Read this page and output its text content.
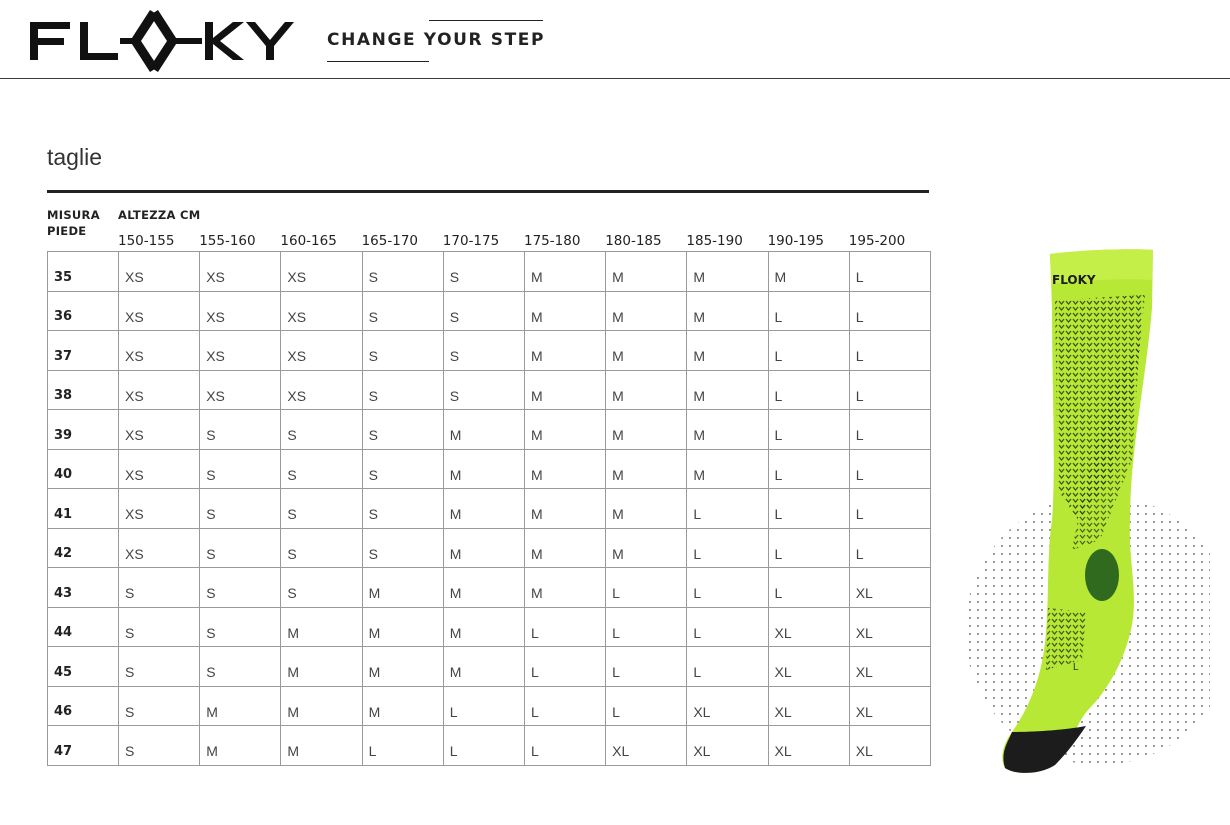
CHANGE YOUR STEP
taglie
MISURA
PIEDE
ALTEZZA CM
150-155 155-160 160-165 165-170 170-175 175-180 180-185 185-190 190-195 195-200
35	XS	XS	XS	S	S	M	M	M	M	L
36	XS	XS	XS	S	S	M	M	M	L	L
37	XS	XS	XS	S	S	M	M	M	L	L
38	XS	XS	XS	S	S	M	M	M	L	L
39	XS	S	S	S	M	M	M	M	L	L
40	XS	S	S	S	M	M	M	M	L	L
41	XS	S	S	S	M	M	M	L	L	L
42	XS	S	S	S	M	M	M	L	L	L
43	S	S	S	M	M	M	L	L	L	XL
44	S	S	M	M	M	L	L	L	XL	XL
45	S	S	M	M	M	L	L	L	XL	XL
46	S	M	M	M	L	L	L	XL	XL	XL
47	S	M	M	L	L	L	XL	XL	XL	XL
FLOKY
L
